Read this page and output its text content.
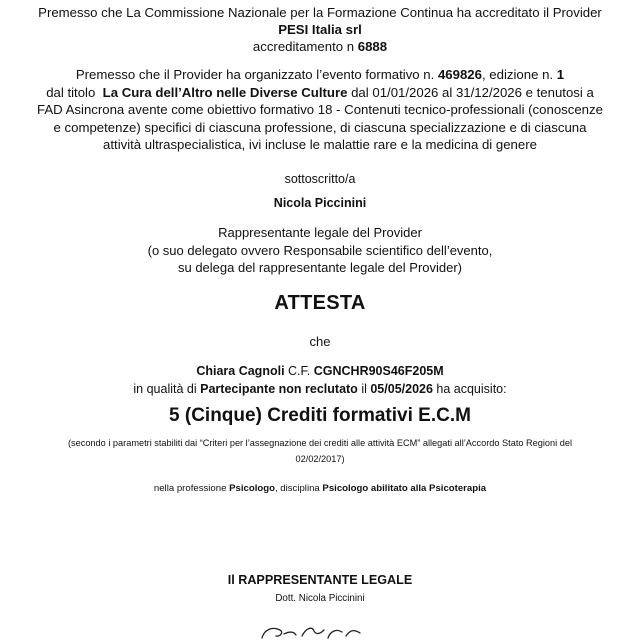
Premesso che La Commissione Nazionale per la Formazione Continua ha accreditato il Provider
PESI Italia srl
accreditamento n 6888
Premesso che il Provider ha organizzato l’evento formativo n. 469826, edizione n. 1
dal titolo La Cura dell’Altro nelle Diverse Culture dal 01/01/2026 al 31/12/2026 e tenutosi a
FAD Asincrona avente come obiettivo formativo 18 - Contenuti tecnico-professionali (conoscenze
e competenze) specifici di ciascuna professione, di ciascuna specializzazione e di ciascuna
attività ultraspecialistica, ivi incluse le malattie rare e la medicina di genere
sottoscritto/a
Nicola Piccinini
Rappresentante legale del Provider
(o suo delegato ovvero Responsabile scientifico dell’evento,
su delega del rappresentante legale del Provider)
ATTESTA
che
Chiara Cagnoli C.F. CGNCHR90S46F205M
in qualità di Partecipante non reclutato il 05/05/2026 ha acquisito:
5 (Cinque) Crediti formativi E.C.M
(secondo i parametri stabiliti dai “Criteri per l’assegnazione dei crediti alle attività ECM” allegati all’Accordo Stato Regioni del
02/02/2017)
nella professione Psicologo, disciplina Psicologo abilitato alla Psicoterapia
Il RAPPRESENTANTE LEGALE
Dott. Nicola Piccinini
